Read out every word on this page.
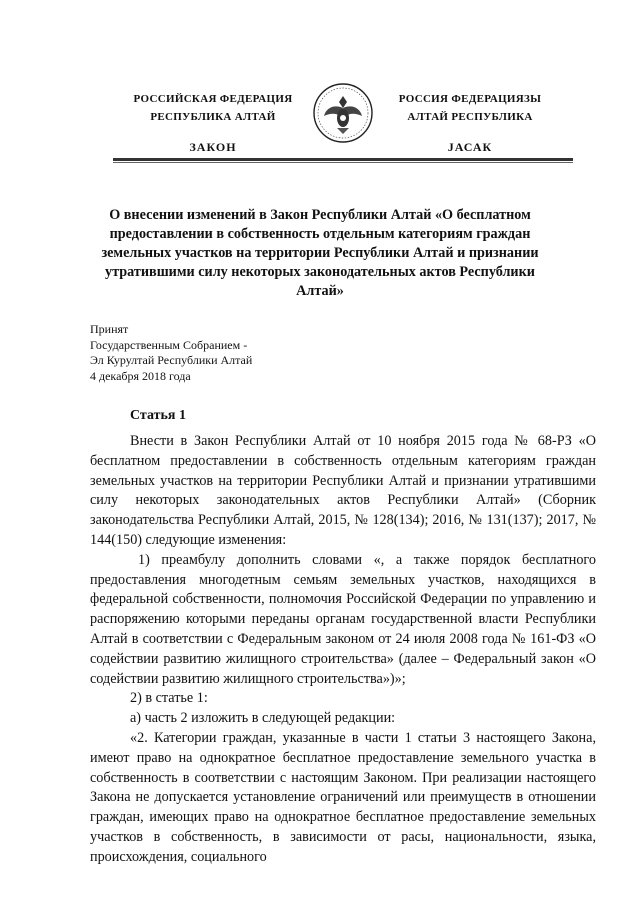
РОССИЙСКАЯ ФЕДЕРАЦИЯ
РЕСПУБЛИКА АЛТАЙ
ЗАКОН
РОССИЯ ФЕДЕРАЦИЯЗЫ
АЛТАЙ РЕСПУБЛИКА
JАСАК
О внесении изменений в Закон Республики Алтай «О бесплатном предоставлении в собственность отдельным категориям граждан земельных участков на территории Республики Алтай и признании утратившими силу некоторых законодательных актов Республики Алтай»
Принят
Государственным Собранием -
Эл Курултай Республики Алтай
4 декабря 2018 года
Статья 1

Внести в Закон Республики Алтай от 10 ноября 2015 года № 68-РЗ «О бесплатном предоставлении в собственность отдельным категориям граждан земельных участков на территории Республики Алтай и признании утратившими силу некоторых законодательных актов Республики Алтай» (Сборник законодательства Республики Алтай, 2015, № 128(134); 2016, № 131(137); 2017, № 144(150) следующие изменения:

1) преамбулу дополнить словами «, а также порядок бесплатного предоставления многодетным семьям земельных участков, находящихся в федеральной собственности, полномочия Российской Федерации по управлению и распоряжению которыми переданы органам государственной власти Республики Алтай в соответствии с Федеральным законом от 24 июля 2008 года № 161-ФЗ «О содействии развитию жилищного строительства» (далее – Федеральный закон «О содействии развитию жилищного строительства»)»;

2) в статье 1:

а) часть 2 изложить в следующей редакции:

«2. Категории граждан, указанные в части 1 статьи 3 настоящего Закона, имеют право на однократное бесплатное предоставление земельного участка в собственность в соответствии с настоящим Законом. При реализации настоящего Закона не допускается установление ограничений или преимуществ в отношении граждан, имеющих право на однократное бесплатное предоставление земельных участков в собственность, в зависимости от расы, национальности, языка, происхождения, социального
